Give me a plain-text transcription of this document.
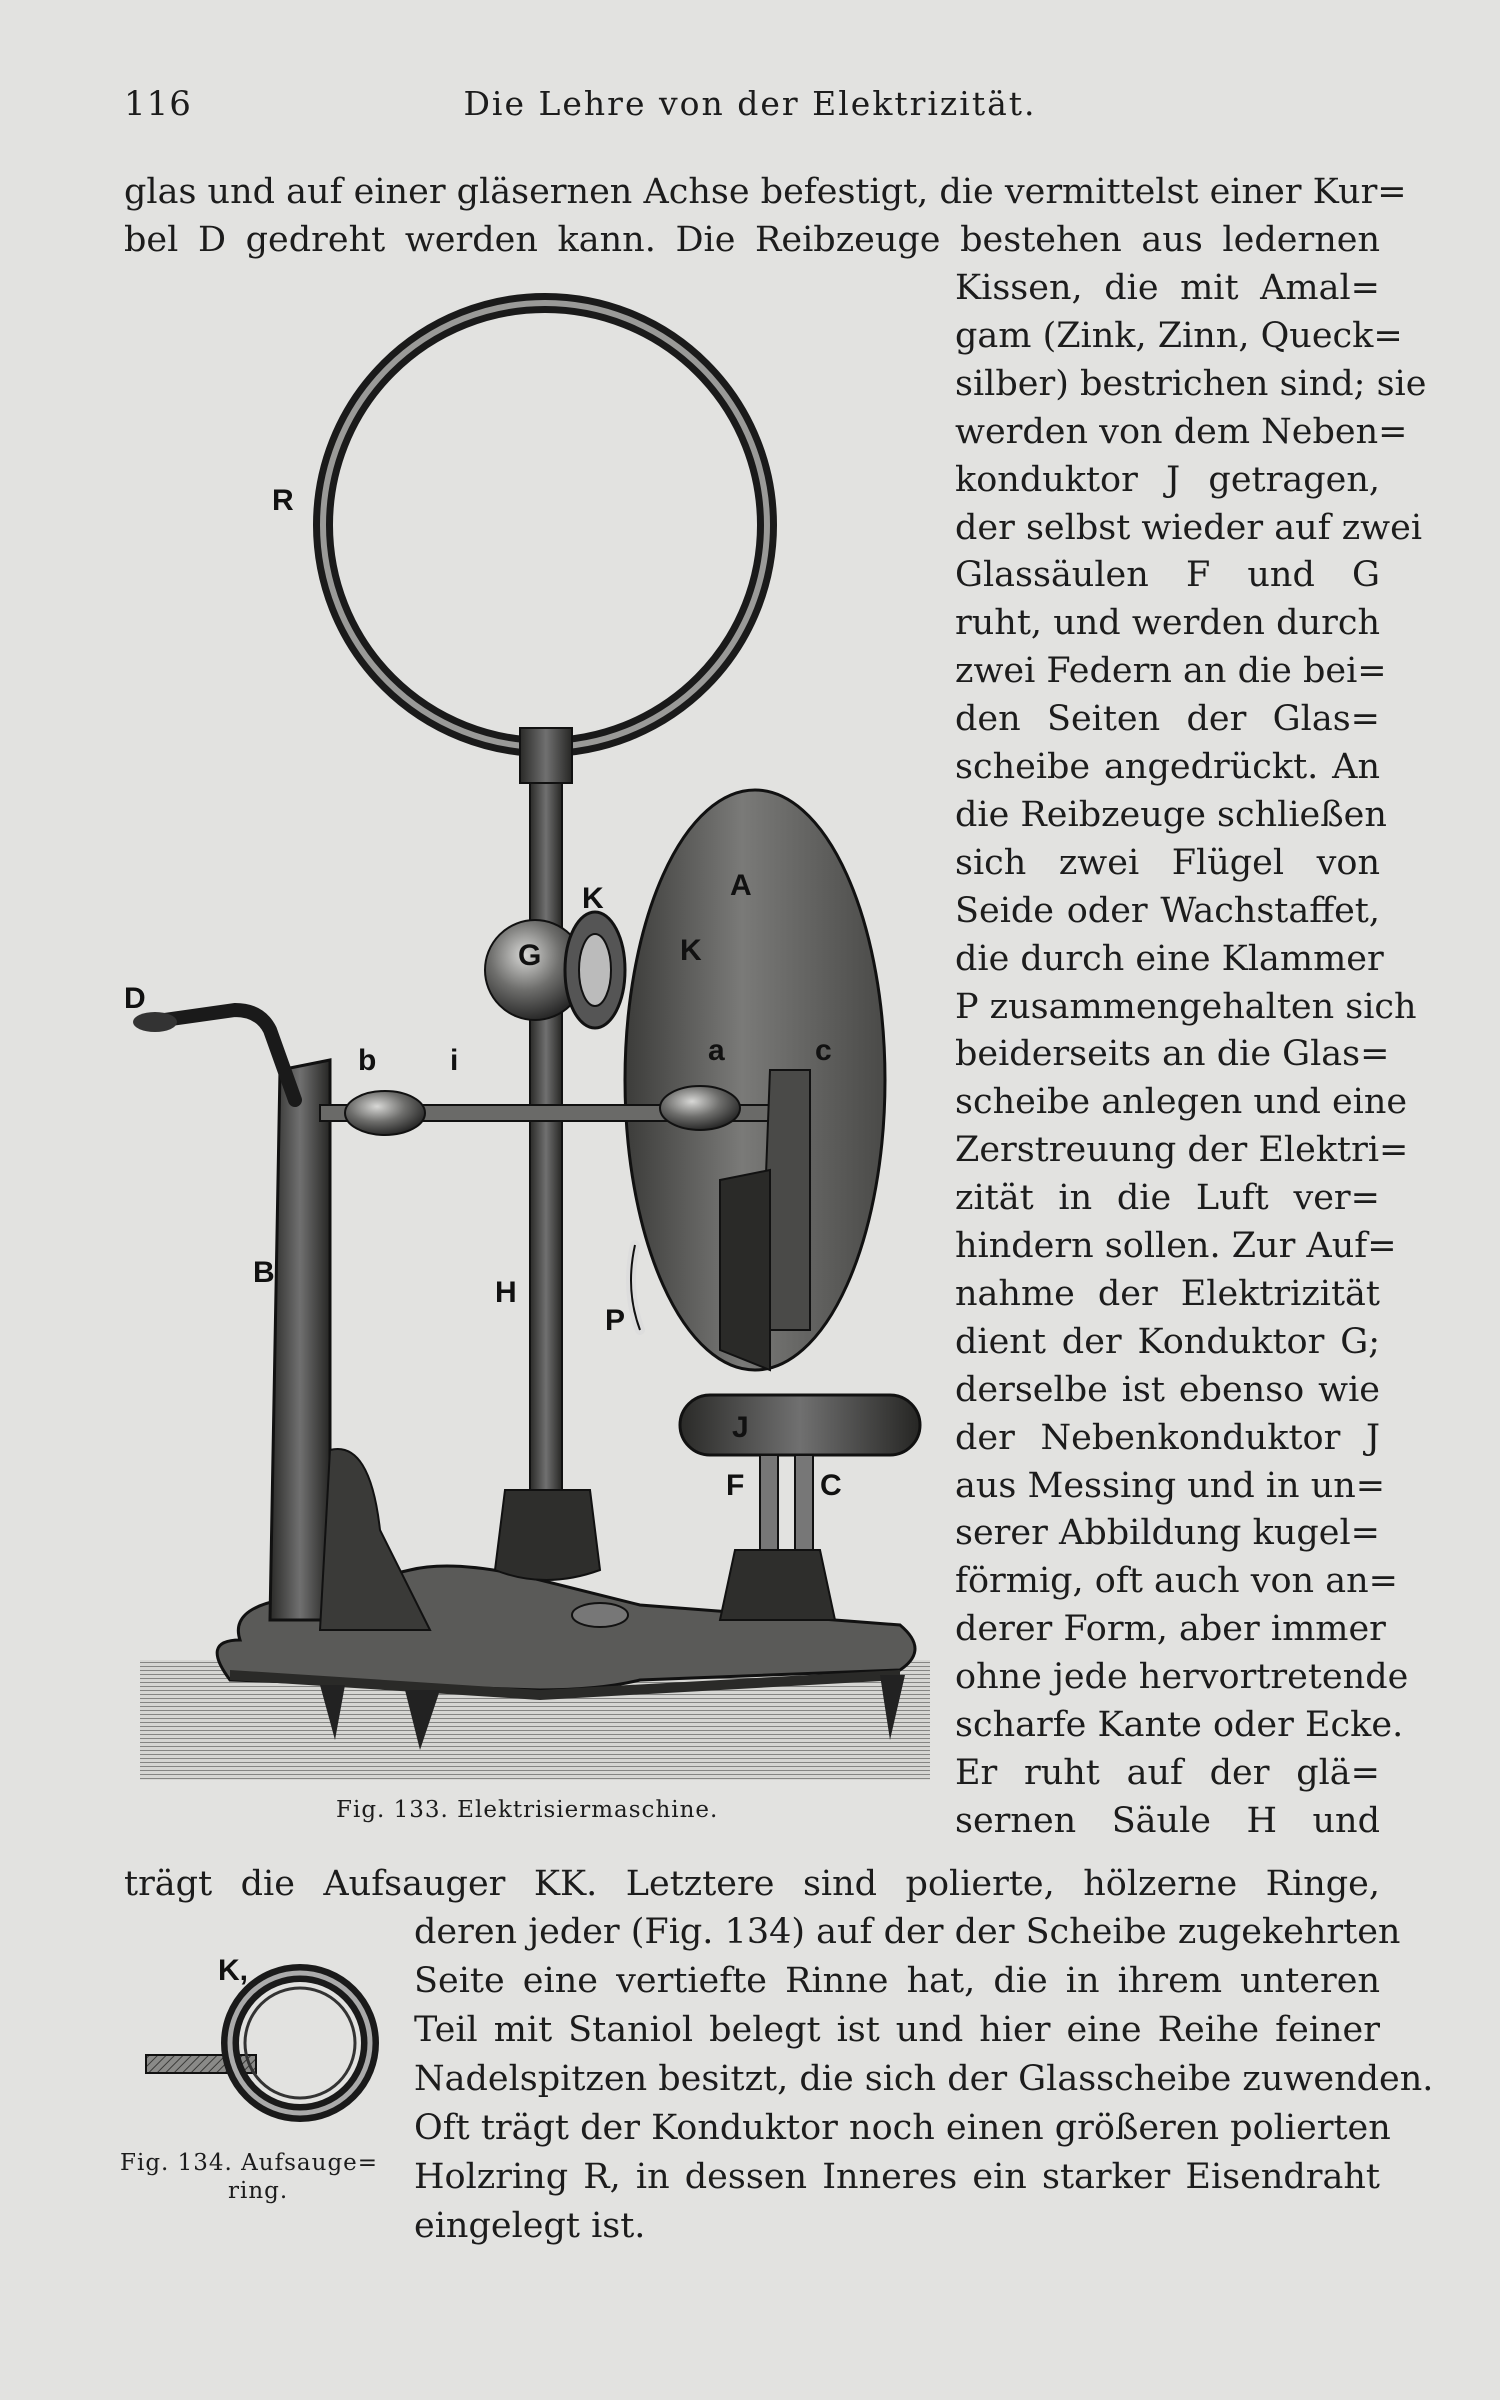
116	Die Lehre von der Elektrizität.
glas und auf einer gläsernen Achse befestigt, die vermittelst einer Kur=
bel D gedreht werden kann. Die Reibzeuge bestehen aus ledernen
Kissen, die mit Amal=
gam (Zink, Zinn, Queck=
silber) bestrichen sind; sie
werden von dem Neben=
konduktor J getragen,
der selbst wieder auf zwei
Glassäulen F und G
ruht, und werden durch
zwei Federn an die bei=
den Seiten der Glas=
scheibe angedrückt. An
die Reibzeuge schließen
sich zwei Flügel von
Seide oder Wachstaffet,
die durch eine Klammer
P zusammengehalten sich
beiderseits an die Glas=
scheibe anlegen und eine
Zerstreuung der Elektri=
zität in die Luft ver=
hindern sollen. Zur Auf=
nahme der Elektrizität
dient der Konduktor G;
derselbe ist ebenso wie
der Nebenkonduktor J
aus Messing und in un=
serer Abbildung kugel=
förmig, oft auch von an=
derer Form, aber immer
ohne jede hervortretende
scharfe Kante oder Ecke.
Er ruht auf der glä=
sernen Säule H und
trägt die Aufsauger KK. Letztere sind polierte, hölzerne Ringe,
deren jeder (Fig. 134) auf der der Scheibe zugekehrten
Seite eine vertiefte Rinne hat, die in ihrem unteren
Teil mit Staniol belegt ist und hier eine Reihe feiner
Nadelspitzen besitzt, die sich der Glasscheibe zuwenden.
Oft trägt der Konduktor noch einen größeren polierten
Holzring R, in dessen Inneres ein starker Eisendraht
eingelegt ist.
R
K
K
G
A
D
b i	a	c
B
H
P
J
F	C
Fig. 133. Elektrisiermaschine.
K,
Fig. 134. Aufsauge=
ring.
